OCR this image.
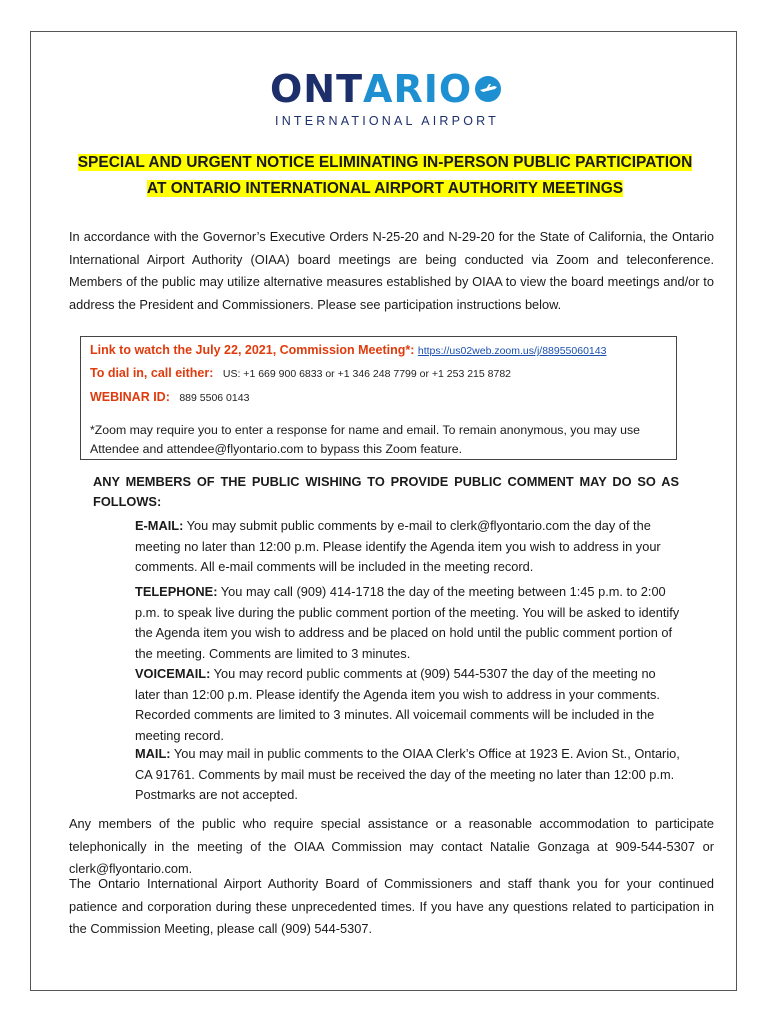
ONT ARIO
INTERNATIONAL AIRPORT
SPECIAL AND URGENT NOTICE ELIMINATING IN-PERSON PUBLIC PARTICIPATION
AT ONTARIO INTERNATIONAL AIRPORT AUTHORITY MEETINGS
In accordance with the Governor’s Executive Orders N-25-20 and N-29-20 for the State of California, the Ontario International Airport Authority (OIAA) board meetings are being conducted via Zoom and teleconference. Members of the public may utilize alternative measures established by OIAA to view the board meetings and/or to address the President and Commissioners. Please see participation instructions below.
Link to watch the July 22, 2021, Commission Meeting*: https://us02web.zoom.us/j/88955060143
To dial in, call either: US: +1 669 900 6833 or +1 346 248 7799 or +1 253 215 8782
WEBINAR ID: 889 5506 0143
*Zoom may require you to enter a response for name and email. To remain anonymous, you may use Attendee and attendee@flyontario.com to bypass this Zoom feature.
ANY MEMBERS OF THE PUBLIC WISHING TO PROVIDE PUBLIC COMMENT MAY DO SO AS FOLLOWS:
E-MAIL: You may submit public comments by e-mail to clerk@flyontario.com the day of the meeting no later than 12:00 p.m. Please identify the Agenda item you wish to address in your comments. All e-mail comments will be included in the meeting record.
TELEPHONE: You may call (909) 414-1718 the day of the meeting between 1:45 p.m. to 2:00 p.m. to speak live during the public comment portion of the meeting. You will be asked to identify the Agenda item you wish to address and be placed on hold until the public comment portion of the meeting. Comments are limited to 3 minutes.
VOICEMAIL: You may record public comments at (909) 544-5307 the day of the meeting no later than 12:00 p.m. Please identify the Agenda item you wish to address in your comments. Recorded comments are limited to 3 minutes. All voicemail comments will be included in the meeting record.
MAIL: You may mail in public comments to the OIAA Clerk’s Office at 1923 E. Avion St., Ontario, CA 91761. Comments by mail must be received the day of the meeting no later than 12:00 p.m. Postmarks are not accepted.
Any members of the public who require special assistance or a reasonable accommodation to participate telephonically in the meeting of the OIAA Commission may contact Natalie Gonzaga at 909-544-5307 or clerk@flyontario.com.
The Ontario International Airport Authority Board of Commissioners and staff thank you for your continued patience and corporation during these unprecedented times. If you have any questions related to participation in the Commission Meeting, please call (909) 544-5307.
